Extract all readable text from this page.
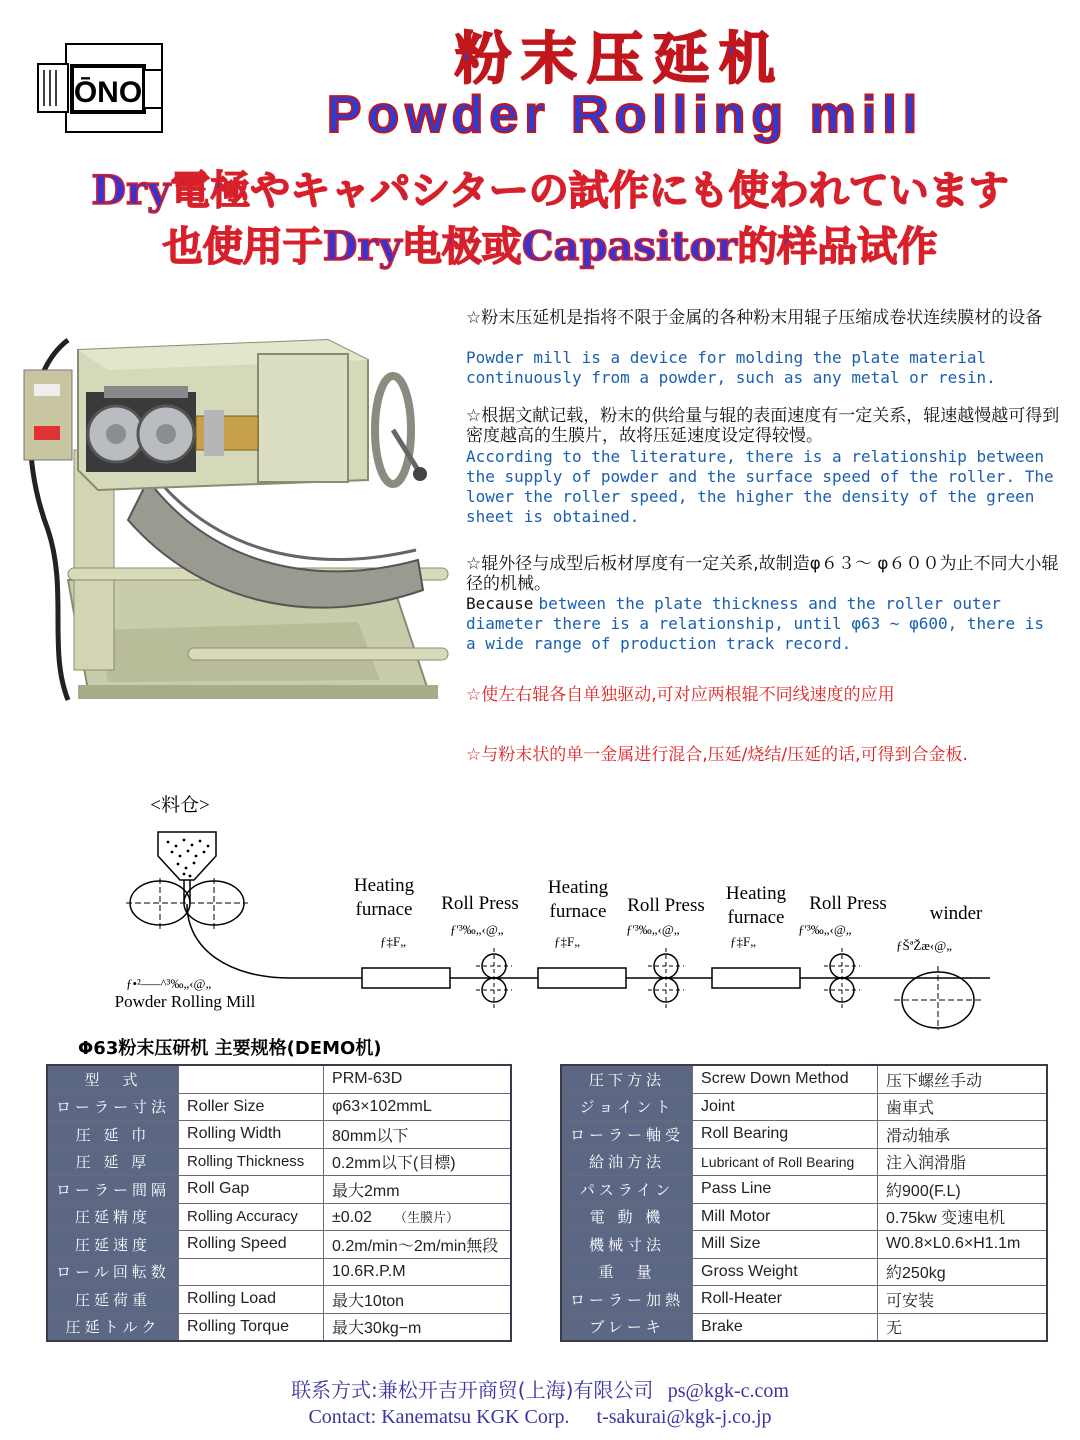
ŌNO
粉末压延机
Powder Rolling mill
Dry電極やキャパシターの試作にも使われています
也使用于Dry电极或Capasitor的样品试作
☆粉末压延机是指将不限于金属的各种粉末用辊子压缩成卷状连续膜材的设备
Powder mill is a device for molding the plate material continuously from a powder, such as any metal or resin.
☆根据文献记载，粉末的供给量与辊的表面速度有一定关系，辊速越慢越可得到密度越高的生膜片，故将压延速度设定得较慢。
According to the literature, there is a relationship between the supply of powder and the surface speed of the roller. The lower the roller speed, the higher the density of the green sheet is obtained.
☆辊外径与成型后板材厚度有一定关系,故制造φ６３～ φ６００为止不同大小辊径的机械。
Because between the plate thickness and the roller outer diameter there is a relationship, until φ63 ~ φ600, there is a wide range of production track record.
☆使左右辊各自单独驱动,可对应两根辊不同线速度的应用
☆与粉末状的单一金属进行混合,压延/烧结/压延的话,可得到合金板.
<料仓>
ƒ•²—–^³‰„‹@„
Powder Rolling Mill
Heating furnace
ƒ‡F„
Roll Press
ƒ'³‰„‹@„
Heating furnace
ƒ‡F„
Roll Press
ƒ'³‰„‹@„
Heating furnace
ƒ‡F„
Roll Press
ƒ'³‰„‹@„
winder
ƒŠªŽæ‹@„
Φ63粉末压研机 主要规格(DEMO机)
型　式		PRM-63D
ローラー寸法	Roller Size	φ63×102mmL
圧 延 巾	Rolling Width	80mm以下
圧 延 厚	Rolling Thickness	0.2mm以下(目標)
ローラー間隔	Roll Gap	最大2mm
圧延精度	Rolling Accuracy	±0.02 （生膜片）
圧延速度	Rolling Speed	0.2m/min～2m/min無段
ロール回転数		10.6R.P.M
圧延荷重	Rolling Load	最大10ton
圧延トルク	Rolling Torque	最大30kg−m
圧下方法	Screw Down Method	压下螺丝手动
ジョイント	Joint	歯車式
ローラー軸受	Roll Bearing	滑动轴承
給油方法	Lubricant of Roll Bearing	注入润滑脂
パスライン	Pass Line	約900(F.L)
電 動 機	Mill Motor	0.75kw 变速电机
機械寸法	Mill Size	W0.8×L0.6×H1.1m
重　量	Gross Weight	約250kg
ローラー加熱	Roll-Heater	可安装
ブレーキ	Brake	无
联系方式:兼松开吉开商贸(上海)有限公司 ps@kgk-c.com
Contact: Kanematsu KGK Corp. t-sakurai@kgk-j.co.jp
